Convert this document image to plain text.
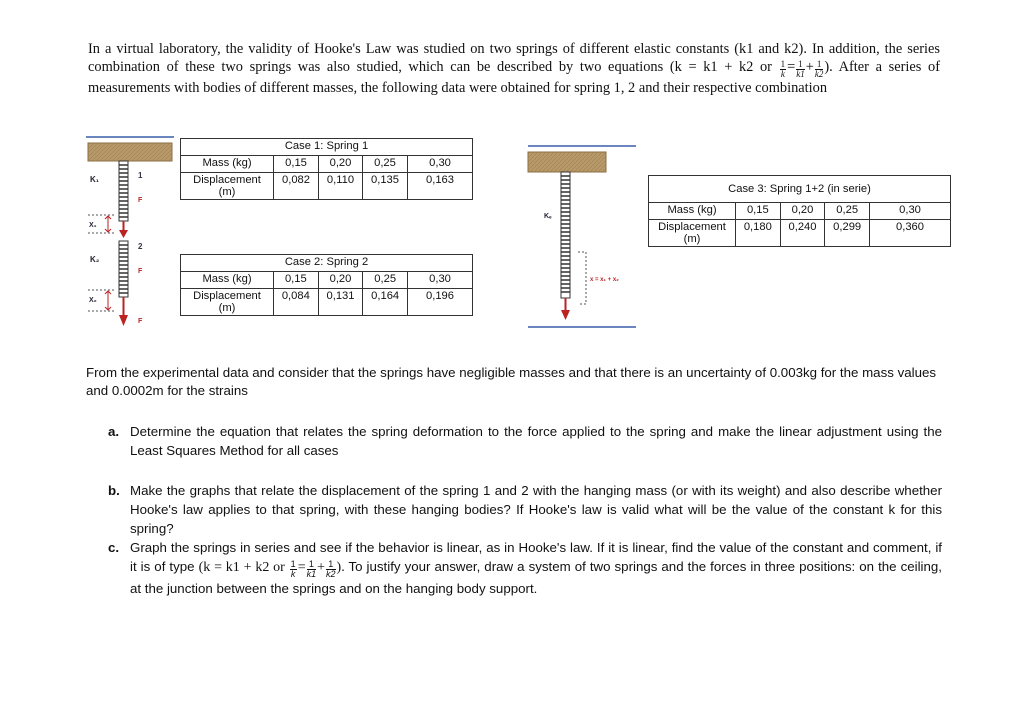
In a virtual laboratory, the validity of Hooke's Law was studied on two springs of different elastic constants (k1 and k2). In addition, the series combination of these two springs was also studied, which can be described by two equations (k = k1 + k2 or $\frac{1}{k} = \frac{1}{k1} + \frac{1}{k2}$ ). After a series of measurements with bodies of different masses, the following data were obtained for spring 1, 2 and their respective combination
K₁
X₁
K₂
X₂
1
2
F
F
F
Case 1: Spring 1				
Mass (kg)	0,15	0,20	0,25	0,30
Displacement (m)	0,082	0,110	0,135	0,163
Case 2: Spring 2				
Mass (kg)	0,15	0,20	0,25	0,30
Displacement (m)	0,084	0,131	0,164	0,196
Kₑ
x = x₁ + x₂
Case 3: Spring 1+2 (in serie)				
Mass (kg)	0,15	0,20	0,25	0,30
Displacement (m)	0,180	0,240	0,299	0,360
From the experimental data and consider that the springs have negligible masses and that there is an uncertainty of 0.003kg for the mass values and 0.0002m for the strains
a. Determine the equation that relates the spring deformation to the force applied to the spring and make the linear adjustment using the Least Squares Method for all cases
b. Make the graphs that relate the displacement of the spring 1 and 2 with the hanging mass (or with its weight) and also describe whether Hooke's law applies to that spring, with these hanging bodies? If Hooke's law is valid what will be the value of the constant k for this spring?
c. Graph the springs in series and see if the behavior is linear, as in Hooke's law. If it is linear, find the value of the constant and comment, if it is of type (k = k1 + k2 or $\frac{1}{k} = \frac{1}{k1} + \frac{1}{k2}$ ). To justify your answer, draw a system of two springs and the forces in three positions: on the ceiling, at the junction between the springs and on the hanging body support.
